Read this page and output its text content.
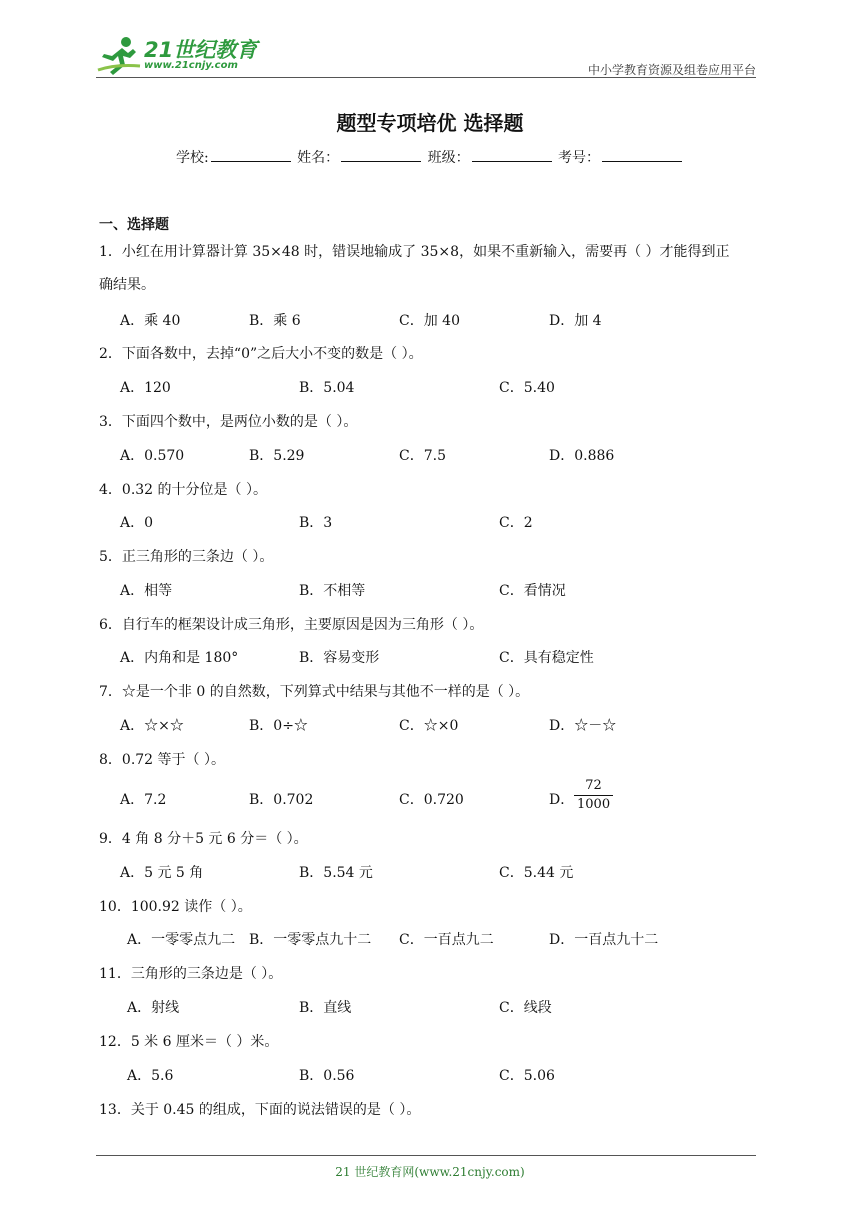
21世纪教育
www.21cnjy.com	中小学教育资源及组卷应用平台
题型专项培优 选择题
学校:	姓名：	班级：	考号：
一、选择题
1．小红在用计算器计算 35×48 时，错误地输成了 35×8，如果不重新输入，需要再（ ）才能得到正
确结果。
A．乘 40	B．乘 6	C．加 40	D．加 4
2．下面各数中，去掉“0”之后大小不变的数是（ ）。
A．120	B．5.04	C．5.40
3．下面四个数中，是两位小数的是（ ）。
A．0.570	B．5.29	C．7.5	D．0.886
4．0.32 的十分位是（ ）。
A．0	B．3	C．2
5．正三角形的三条边（ ）。
A．相等	B．不相等	C．看情况
6．自行车的框架设计成三角形，主要原因是因为三角形（ ）。
A．内角和是 180°	B．容易变形	C．具有稳定性
7．☆是一个非 0 的自然数，下列算式中结果与其他不一样的是（ ）。
A．☆×☆	B．0÷☆	C．☆×0	D．☆－☆
8．0.72 等于（ ）。
A．7.2	B．0.702	C．0.720	D． $\frac{72}{1000}$
9．4 角 8 分＋5 元 6 分＝（ ）。
A．5 元 5 角	B．5.54 元	C．5.44 元
10．100.92 读作（ ）。
A．一零零点九二 B．一零零点九十二 C．一百点九二	D．一百点九十二
11．三角形的三条边是（ ）。
A．射线	B．直线	C．线段
12．5 米 6 厘米＝（ ）米。
A．5.6	B．0.56	C．5.06
13．关于 0.45 的组成，下面的说法错误的是（ ）。
21 世纪教育网(www.21cnjy.com)
